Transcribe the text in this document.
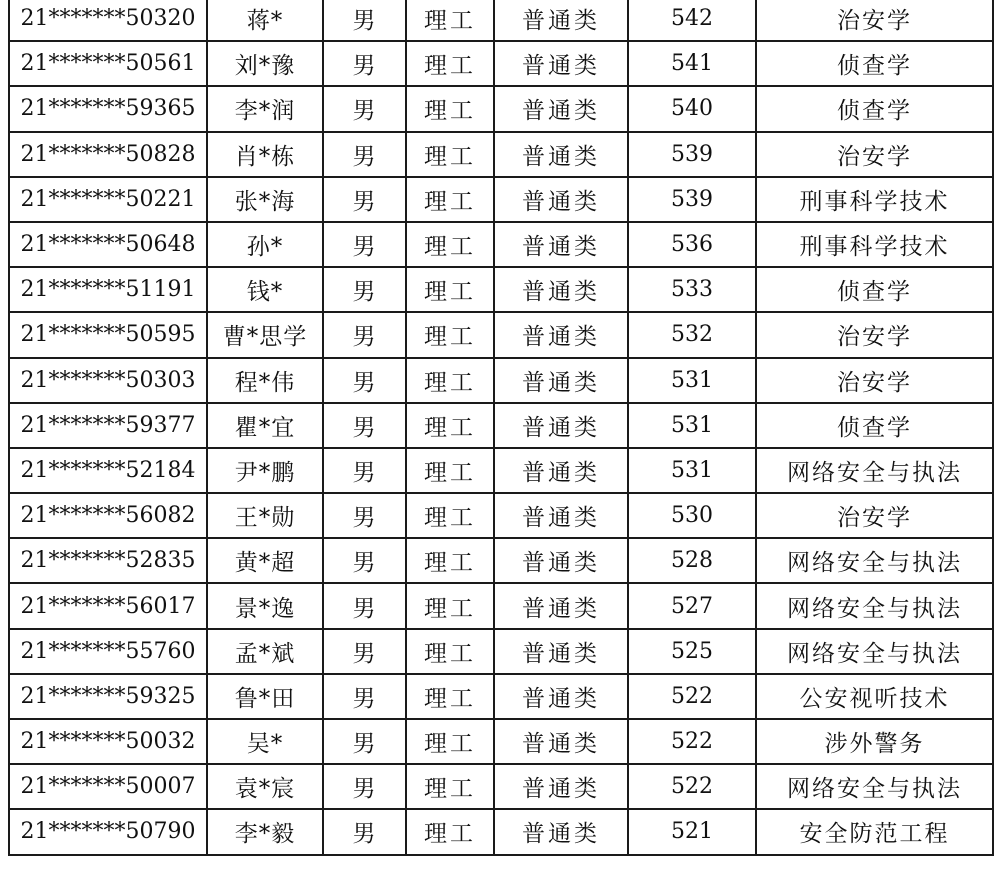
21*******50320	蒋*	男	理工	普通类	542	治安学
21*******50561	刘*豫	男	理工	普通类	541	侦查学
21*******59365	李*润	男	理工	普通类	540	侦查学
21*******50828	肖*栋	男	理工	普通类	539	治安学
21*******50221	张*海	男	理工	普通类	539	刑事科学技术
21*******50648	孙*	男	理工	普通类	536	刑事科学技术
21*******51191	钱*	男	理工	普通类	533	侦查学
21*******50595	曹*思学	男	理工	普通类	532	治安学
21*******50303	程*伟	男	理工	普通类	531	治安学
21*******59377	瞿*宜	男	理工	普通类	531	侦查学
21*******52184	尹*鹏	男	理工	普通类	531	网络安全与执法
21*******56082	王*勋	男	理工	普通类	530	治安学
21*******52835	黄*超	男	理工	普通类	528	网络安全与执法
21*******56017	景*逸	男	理工	普通类	527	网络安全与执法
21*******55760	孟*斌	男	理工	普通类	525	网络安全与执法
21*******59325	鲁*田	男	理工	普通类	522	公安视听技术
21*******50032	吴*	男	理工	普通类	522	涉外警务
21*******50007	袁*宸	男	理工	普通类	522	网络安全与执法
21*******50790	李*毅	男	理工	普通类	521	安全防范工程
